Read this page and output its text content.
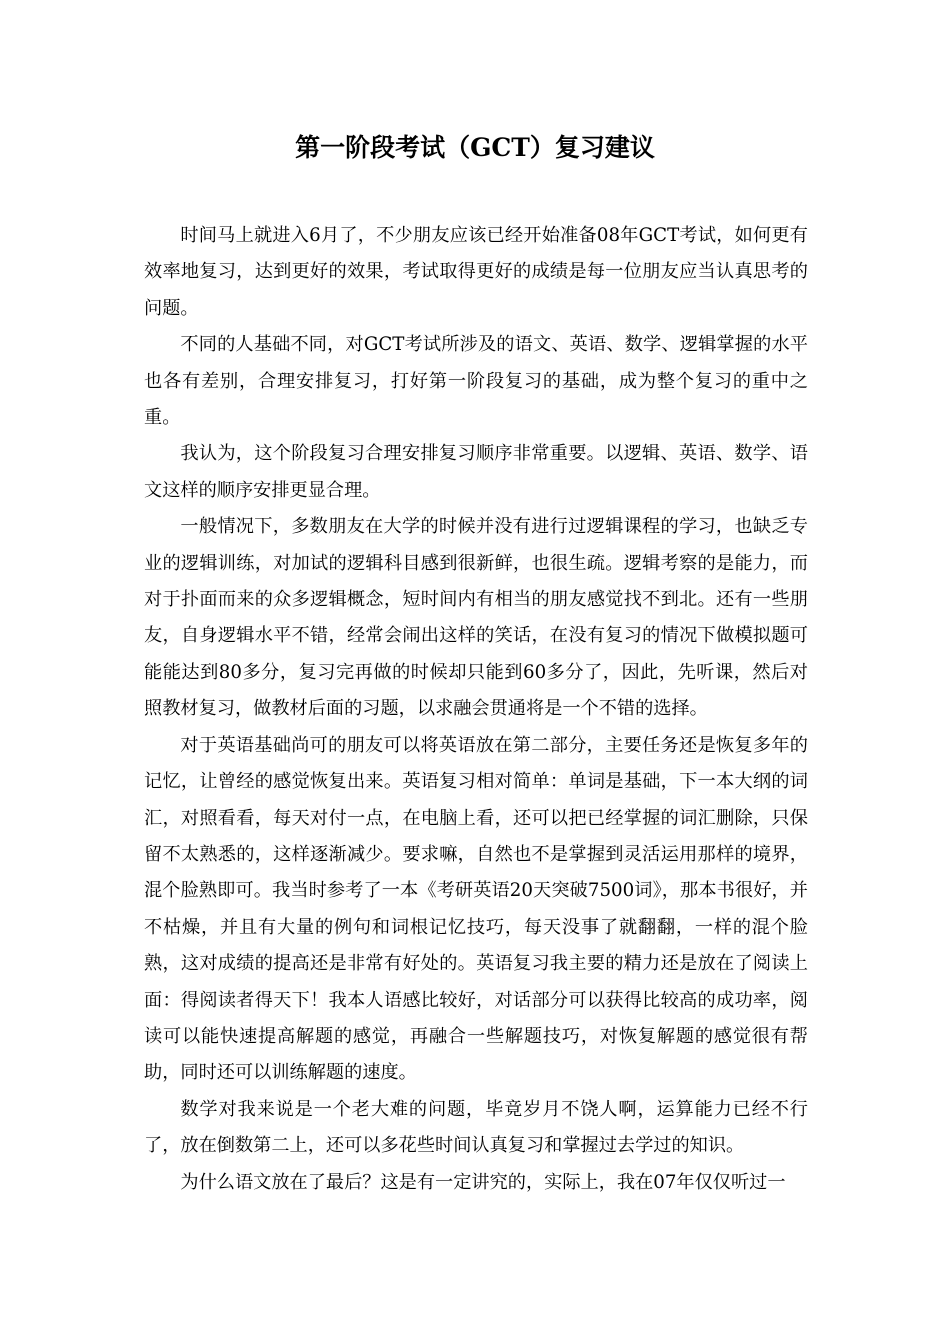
第一阶段考试（GCT）复习建议

时间马上就进入6月了，不少朋友应该已经开始准备08年GCT考试，如何更有效率地复习，达到更好的效果，考试取得更好的成绩是每一位朋友应当认真思考的问题。

不同的人基础不同，对GCT考试所涉及的语文、英语、数学、逻辑掌握的水平也各有差别，合理安排复习，打好第一阶段复习的基础，成为整个复习的重中之重。

我认为，这个阶段复习合理安排复习顺序非常重要。以逻辑、英语、数学、语文这样的顺序安排更显合理。

一般情况下，多数朋友在大学的时候并没有进行过逻辑课程的学习，也缺乏专业的逻辑训练，对加试的逻辑科目感到很新鲜，也很生疏。逻辑考察的是能力，而对于扑面而来的众多逻辑概念，短时间内有相当的朋友感觉找不到北。还有一些朋友，自身逻辑水平不错，经常会闹出这样的笑话，在没有复习的情况下做模拟题可能能达到80多分，复习完再做的时候却只能到60多分了，因此，先听课，然后对照教材复习，做教材后面的习题，以求融会贯通将是一个不错的选择。

对于英语基础尚可的朋友可以将英语放在第二部分，主要任务还是恢复多年的记忆，让曾经的感觉恢复出来。英语复习相对简单：单词是基础，下一本大纲的词汇，对照看看，每天对付一点，在电脑上看，还可以把已经掌握的词汇删除，只保留不太熟悉的，这样逐渐减少。要求嘛，自然也不是掌握到灵活运用那样的境界，混个脸熟即可。我当时参考了一本《考研英语20天突破7500词》，那本书很好，并不枯燥，并且有大量的例句和词根记忆技巧，每天没事了就翻翻，一样的混个脸熟，这对成绩的提高还是非常有好处的。英语复习我主要的精力还是放在了阅读上面：得阅读者得天下！我本人语感比较好，对话部分可以获得比较高的成功率，阅读可以能快速提高解题的感觉，再融合一些解题技巧，对恢复解题的感觉很有帮助，同时还可以训练解题的速度。

数学对我来说是一个老大难的问题，毕竟岁月不饶人啊，运算能力已经不行了，放在倒数第二上，还可以多花些时间认真复习和掌握过去学过的知识。

为什么语文放在了最后？这是有一定讲究的，实际上，我在07年仅仅听过一
